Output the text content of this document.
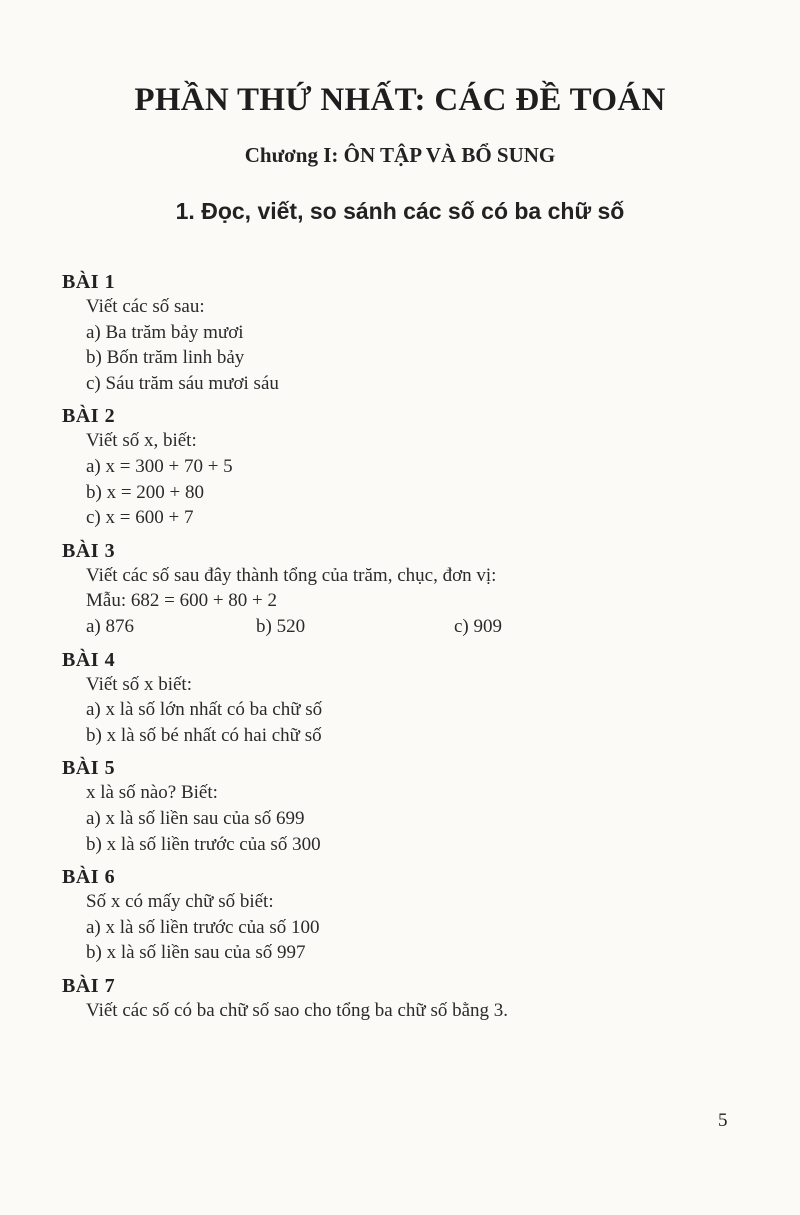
PHẦN THỨ NHẤT: CÁC ĐỀ TOÁN
Chương I: ÔN TẬP VÀ BỔ SUNG
1. Đọc, viết, so sánh các số có ba chữ số
BÀI 1
Viết các số sau:
a) Ba trăm bảy mươi
b) Bốn trăm linh bảy
c) Sáu trăm sáu mươi sáu
BÀI 2
Viết số x, biết:
a) x = 300 + 70 + 5
b) x = 200 + 80
c) x = 600 + 7
BÀI 3
Viết các số sau đây thành tổng của trăm, chục, đơn vị:
Mẫu: 682 = 600 + 80 + 2
a) 876	b) 520	c) 909
BÀI 4
Viết số x biết:
a) x là số lớn nhất có ba chữ số
b) x là số bé nhất có hai chữ số
BÀI 5
x là số nào? Biết:
a) x là số liền sau của số 699
b) x là số liền trước của số 300
BÀI 6
Số x có mấy chữ số biết:
a) x là số liền trước của số 100
b) x là số liền sau của số 997
BÀI 7
Viết các số có ba chữ số sao cho tổng ba chữ số bằng 3.
5
